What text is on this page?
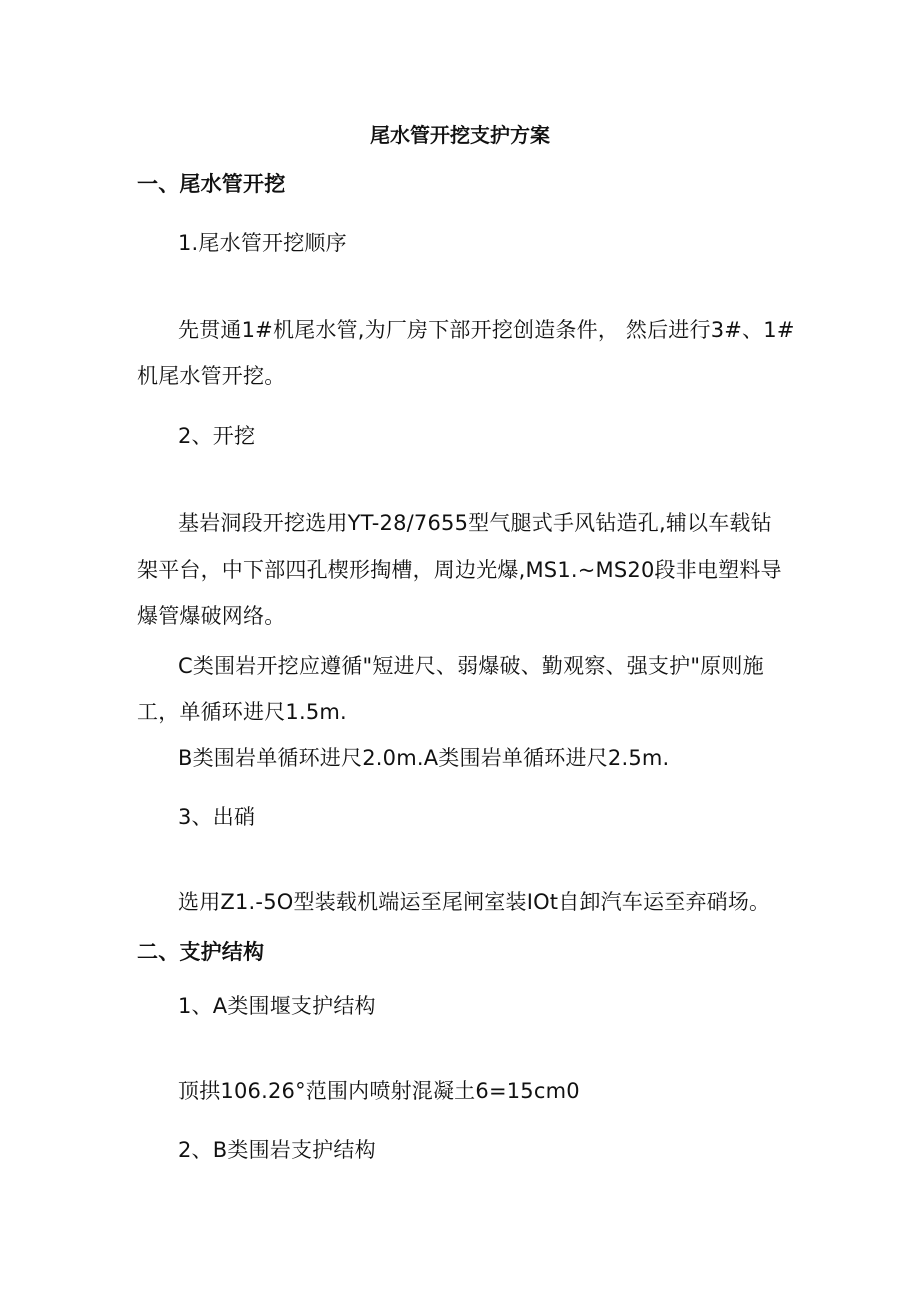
尾水管开挖支护方案
一、尾水管开挖
1.尾水管开挖顺序
先贯通1#机尾水管,为厂房下部开挖创造条件， 然后进行3#、1#
机尾水管开挖。
2、开挖
基岩洞段开挖选用YT-28/7655型气腿式手风钻造孔,辅以车载钻
架平台，中下部四孔楔形掏槽，周边光爆,MS1.~MS20段非电塑料导
爆管爆破网络。
C类围岩开挖应遵循"短进尺、弱爆破、勤观察、强支护"原则施
工，单循环进尺1.5m.
B类围岩单循环进尺2.0m.A类围岩单循环进尺2.5m.
3、出硝
选用Z1.-5O型装载机端运至尾闸室装IOt自卸汽车运至弃硝场。
二、支护结构
1、A类围堰支护结构
顶拱106.26°范围内喷射混凝土6=15cm0
2、B类围岩支护结构
